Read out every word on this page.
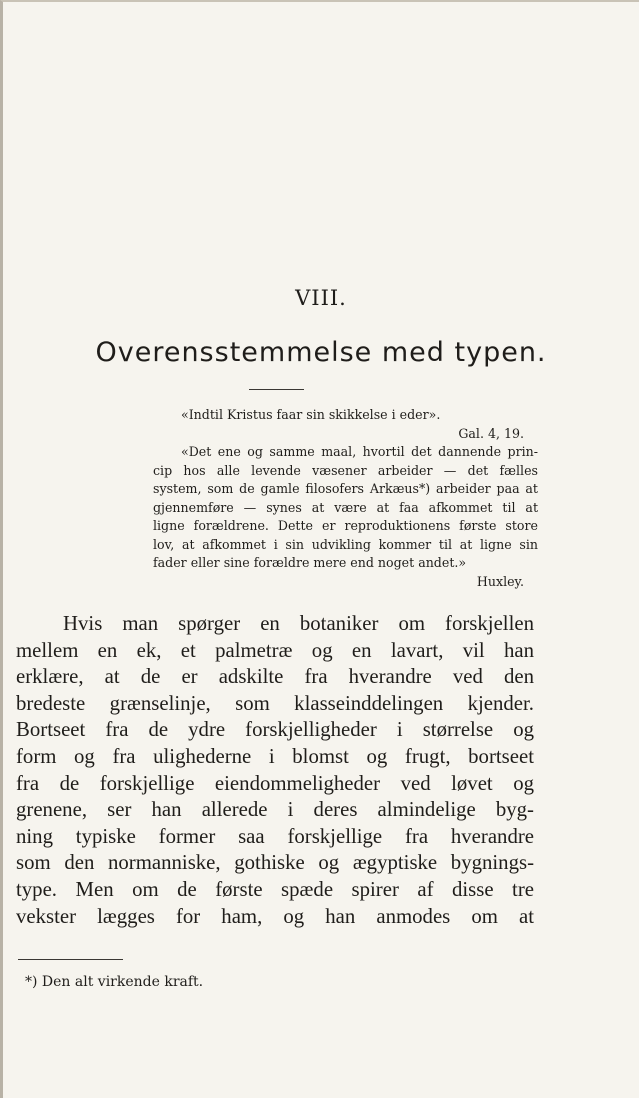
VIII.
Overensstemmelse med typen.
«Indtil Kristus faar sin skikkelse i eder».
Gal. 4, 19.
«Det ene og samme maal, hvortil det dannende prin-
cip hos alle levende væsener arbeider — det fælles
system, som de gamle filosofers Arkæus*) arbeider paa at
gjennemføre — synes at være at faa afkommet til at
ligne forældrene. Dette er reproduktionens første store
lov, at afkommet i sin udvikling kommer til at ligne sin
fader eller sine forældre mere end noget andet.»
Huxley.
Hvis man spørger en botaniker om forskjellen
mellem en ek, et palmetræ og en lavart, vil han
erklære, at de er adskilte fra hverandre ved den
bredeste grænselinje, som klasseinddelingen kjender.
Bortseet fra de ydre forskjelligheder i størrelse og
form og fra ulighederne i blomst og frugt, bortseet
fra de forskjellige eiendommeligheder ved løvet og
grenene, ser han allerede i deres almindelige byg-
ning typiske former saa forskjellige fra hverandre
som den normanniske, gothiske og ægyptiske bygnings-
type. Men om de første spæde spirer af disse tre
vekster lægges for ham, og han anmodes om at
*) Den alt virkende kraft.
